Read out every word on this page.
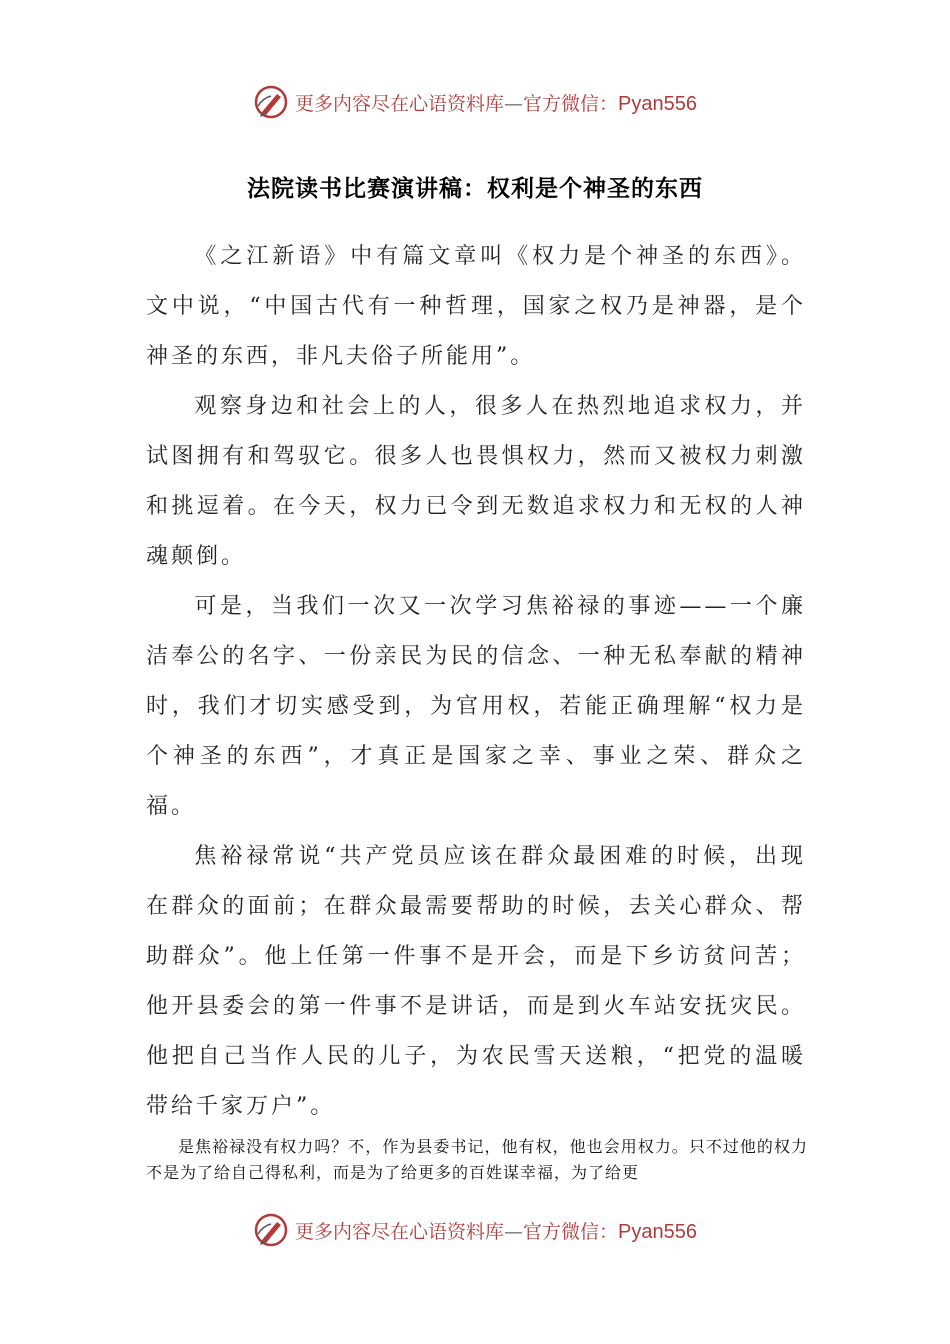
更多内容尽在心语资料库—官方微信：Pyan556
法院读书比赛演讲稿：权利是个神圣的东西

《之江新语》中有篇文章叫《权力是个神圣的东西》。文中说，“中国古代有一种哲理，国家之权乃是神器，是个神圣的东西，非凡夫俗子所能用”。

观察身边和社会上的人，很多人在热烈地追求权力，并试图拥有和驾驭它。很多人也畏惧权力，然而又被权力刺激和挑逗着。在今天，权力已令到无数追求权力和无权的人神魂颠倒。

可是，当我们一次又一次学习焦裕禄的事迹——一个廉洁奉公的名字、一份亲民为民的信念、一种无私奉献的精神时，我们才切实感受到，为官用权，若能正确理解“权力是个神圣的东西”，才真正是国家之幸、事业之荣、群众之福。

焦裕禄常说“共产党员应该在群众最困难的时候，出现在群众的面前；在群众最需要帮助的时候，去关心群众、帮助群众”。他上任第一件事不是开会，而是下乡访贫问苦；他开县委会的第一件事不是讲话，而是到火车站安抚灾民。他把自己当作人民的儿子，为农民雪天送粮，“把党的温暖带给千家万户”。

是焦裕禄没有权力吗？不，作为县委书记，他有权，他也会用权力。只不过他的权力不是为了给自己得私利，而是为了给更多的百姓谋幸福，为了给更

更多内容尽在心语资料库—官方微信：Pyan556
